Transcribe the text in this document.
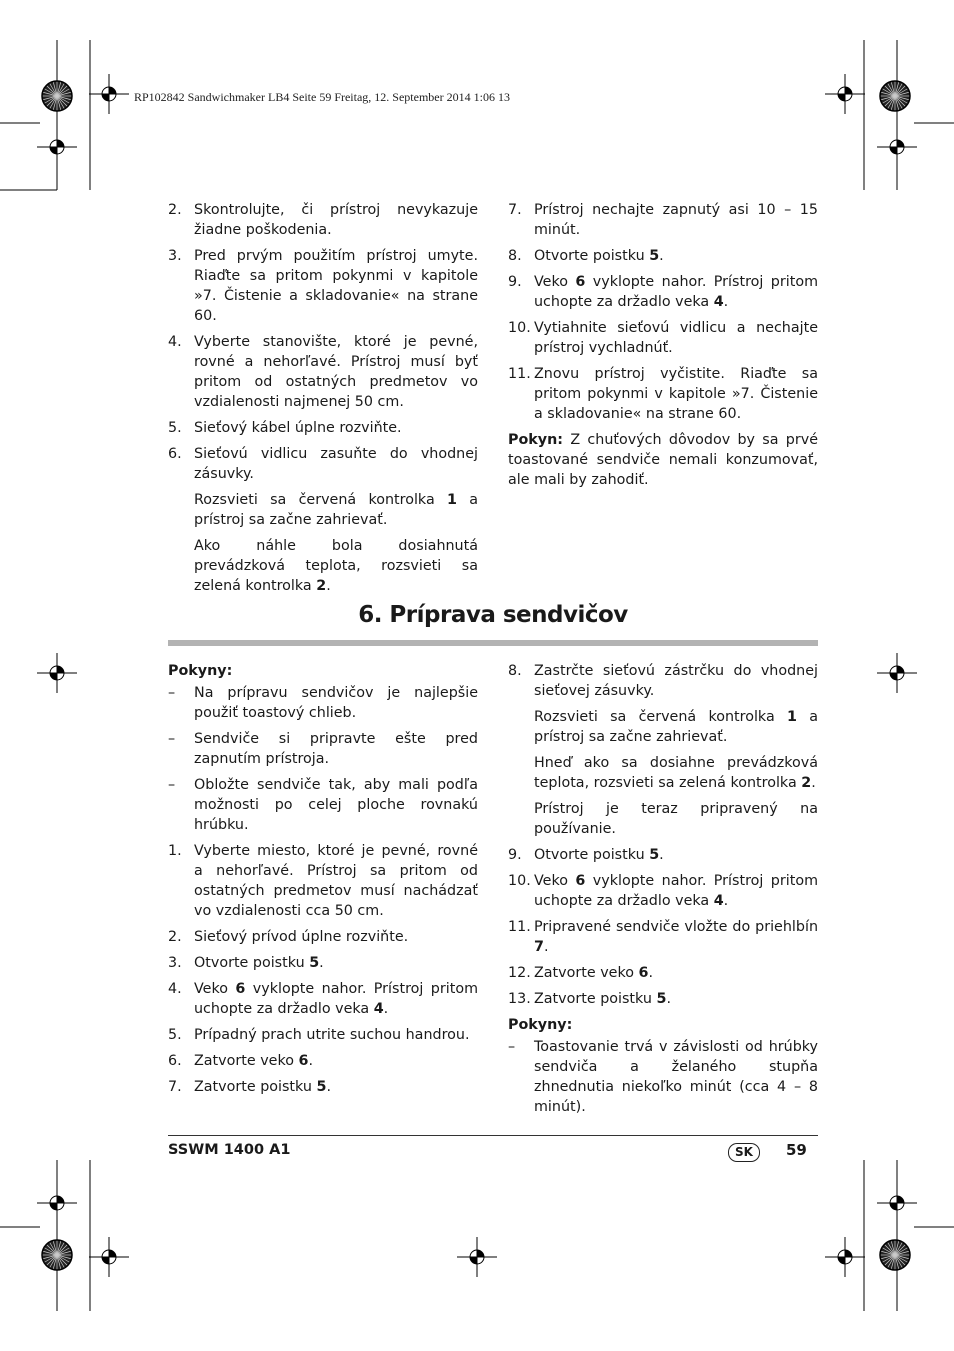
RP102842 Sandwichmaker LB4 Seite 59 Freitag, 12. September 2014 1:06 13
2. Skontrolujte, či prístroj nevykazuje žiadne poškodenia.
3. Pred prvým použitím prístroj umyte. Riaďte sa pritom pokynmi v kapitole »7. Čistenie a skladovanie« na strane 60.
4. Vyberte stanovište, ktoré je pevné, rovné a nehorľavé. Prístroj musí byť pritom od ostatných predmetov vo vzdialenosti najmenej 50 cm.
5. Sieťový kábel úplne rozviňte.
6. Sieťovú vidlicu zasuňte do vhodnej zásuvky.
Rozsvieti sa červená kontrolka 1 a prístroj sa začne zahrievať.
Ako náhle bola dosiahnutá prevádzková teplota, rozsvieti sa zelená kontrolka 2.
7. Prístroj nechajte zapnutý asi 10 – 15 minút.
8. Otvorte poistku 5.
9. Veko 6 vyklopte nahor. Prístroj pritom uchopte za držadlo veka 4.
10. Vytiahnite sieťovú vidlicu a nechajte prístroj vychladnúť.
11. Znovu prístroj vyčistite. Riaďte sa pritom pokynmi v kapitole »7. Čistenie a skladovanie« na strane 60.
Pokyn: Z chuťových dôvodov by sa prvé toastované sendviče nemali konzumovať, ale mali by zahodiť.
6. Príprava sendvičov
Pokyny:
–	Na prípravu sendvičov je najlepšie použiť toastový chlieb.
–	Sendviče si pripravte ešte pred zapnutím prístroja.
–	Obložte sendviče tak, aby mali podľa možnosti po celej ploche rovnakú hrúbku.
1. Vyberte miesto, ktoré je pevné, rovné a nehorľavé. Prístroj sa pritom od ostatných predmetov musí nachádzať vo vzdialenosti cca 50 cm.
2. Sieťový prívod úplne rozviňte.
3. Otvorte poistku 5.
4. Veko 6 vyklopte nahor. Prístroj pritom uchopte za držadlo veka 4.
5. Prípadný prach utrite suchou handrou.
6. Zatvorte veko 6.
7. Zatvorte poistku 5.
8. Zastrčte sieťovú zástrčku do vhodnej sieťovej zásuvky.
Rozsvieti sa červená kontrolka 1 a prístroj sa začne zahrievať.
Hneď ako sa dosiahne prevádzková teplota, rozsvieti sa zelená kontrolka 2.
Prístroj je teraz pripravený na používanie.
9. Otvorte poistku 5.
10. Veko 6 vyklopte nahor. Prístroj pritom uchopte za držadlo veka 4.
11. Pripravené sendviče vložte do priehlbín 7.
12. Zatvorte veko 6.
13. Zatvorte poistku 5.
Pokyny:
–	Toastovanie trvá v závislosti od hrúbky sendviča a želaného stupňa zhnednutia niekoľko minút (cca 4 – 8 minút).
SSWM 1400 A1	SK	59
